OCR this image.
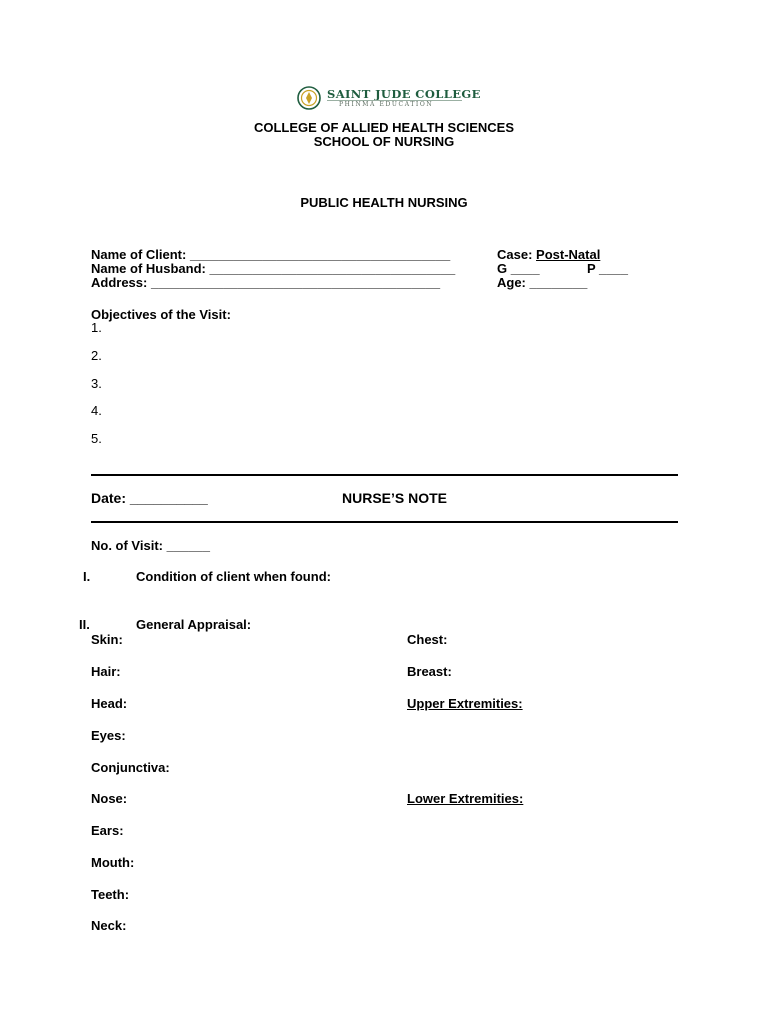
SAINT JUDE COLLEGE
PHINMA EDUCATION
COLLEGE OF ALLIED HEALTH SCIENCES
SCHOOL OF NURSING
PUBLIC HEALTH NURSING
Name of Client: ____________________________________
Name of Husband: __________________________________
Address: ________________________________________
Case: Post-Natal
G ____	P ____
Age: ________
Objectives of the Visit:
1.
2.
3.
4.
5.
Date: __________	NURSE’S NOTE
No. of Visit: ______
I.	Condition of client when found:
II.	General Appraisal:
Skin:
Hair:
Head:
Eyes:
Conjunctiva:
Nose:
Ears:
Mouth:
Teeth:
Neck:
Chest:
Breast:
Upper Extremities:
Lower Extremities:
